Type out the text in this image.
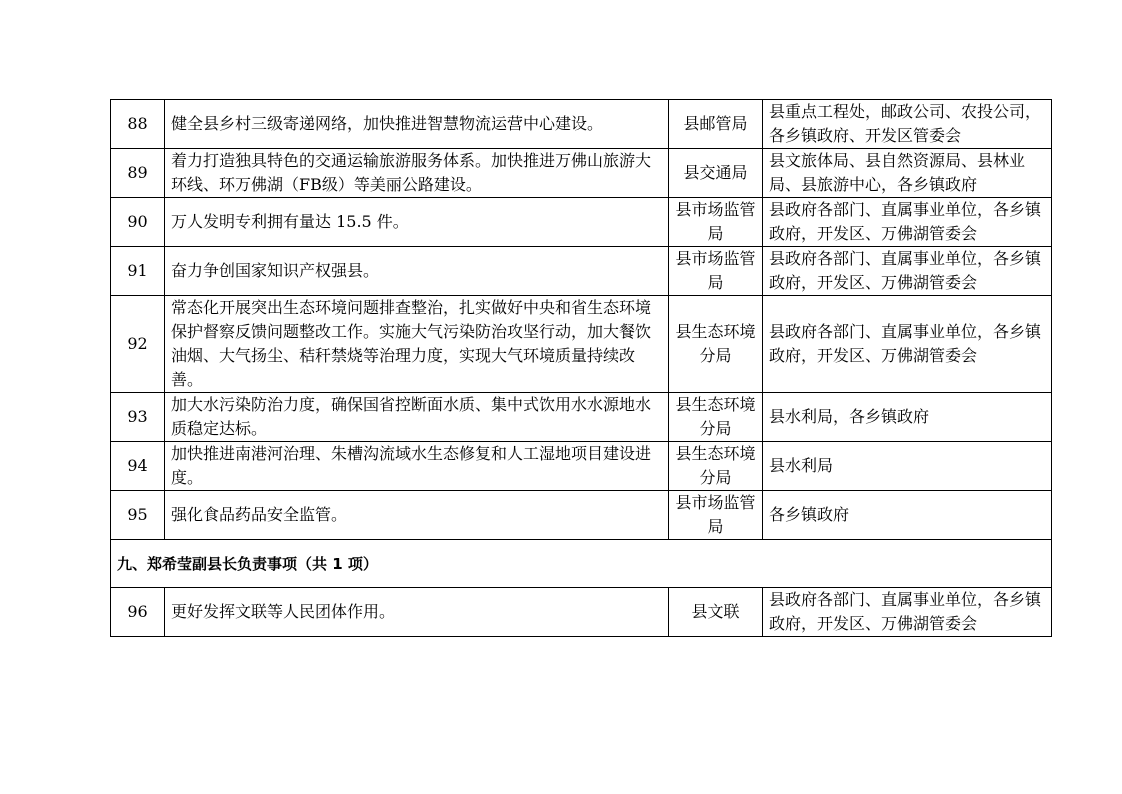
88	健全县乡村三级寄递网络，加快推进智慧物流运营中心建设。	县邮管局	县重点工程处，邮政公司、农投公司，各乡镇政府、开发区管委会
89	着力打造独具特色的交通运输旅游服务体系。加快推进万佛山旅游大环线、环万佛湖（FB级）等美丽公路建设。	县交通局	县文旅体局、县自然资源局、县林业局、县旅游中心，各乡镇政府
90	万人发明专利拥有量达 15.5 件。	县市场监管局	县政府各部门、直属事业单位，各乡镇政府，开发区、万佛湖管委会
91	奋力争创国家知识产权强县。	县市场监管局	县政府各部门、直属事业单位，各乡镇政府，开发区、万佛湖管委会
92	常态化开展突出生态环境问题排查整治，扎实做好中央和省生态环境保护督察反馈问题整改工作。实施大气污染防治攻坚行动，加大餐饮油烟、大气扬尘、秸秆禁烧等治理力度，实现大气环境质量持续改善。	县生态环境分局	县政府各部门、直属事业单位，各乡镇政府，开发区、万佛湖管委会
93	加大水污染防治力度，确保国省控断面水质、集中式饮用水水源地水质稳定达标。	县生态环境分局	县水利局，各乡镇政府
94	加快推进南港河治理、朱槽沟流域水生态修复和人工湿地项目建设进度。	县生态环境分局	县水利局
95	强化食品药品安全监管。	县市场监管局	各乡镇政府
九、郑希莹副县长负责事项（共 1 项）			
96	更好发挥文联等人民团体作用。	县文联	县政府各部门、直属事业单位，各乡镇政府，开发区、万佛湖管委会
